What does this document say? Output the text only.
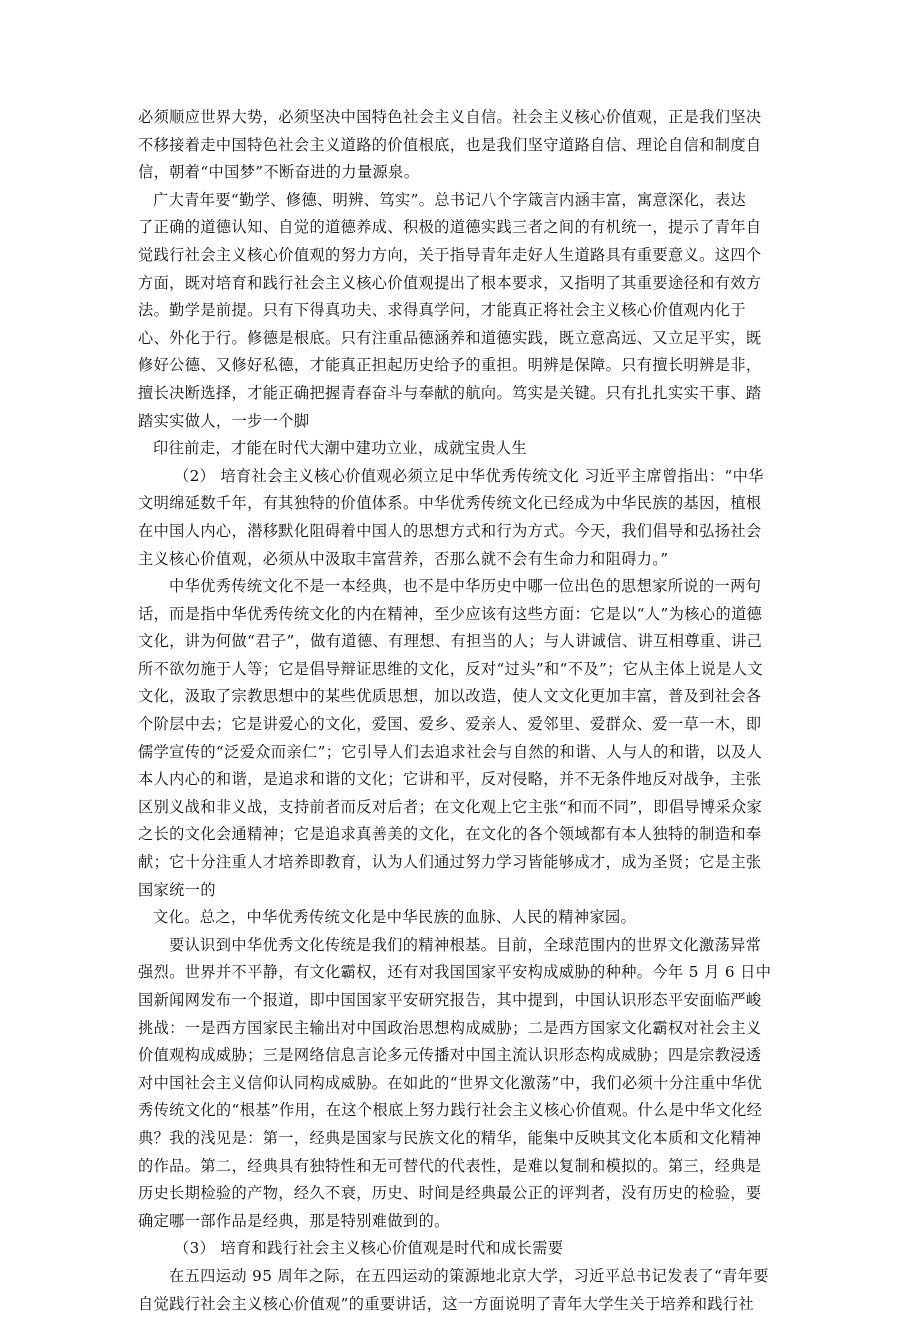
必须顺应世界大势，必须坚决中国特色社会主义自信。社会主义核心价值观，正是我们坚决
不移接着走中国特色社会主义道路的价值根底，也是我们坚守道路自信、理论自信和制度自
信，朝着“中国梦”不断奋进的力量源泉。
广大青年要“勤学、修德、明辨、笃实”。总书记八个字箴言内涵丰富，寓意深化，表达
了正确的道德认知、自觉的道德养成、积极的道德实践三者之间的有机统一，提示了青年自
觉践行社会主义核心价值观的努力方向，关于指导青年走好人生道路具有重要意义。这四个
方面，既对培育和践行社会主义核心价值观提出了根本要求，又指明了其重要途径和有效方
法。勤学是前提。只有下得真功夫、求得真学问，才能真正将社会主义核心价值观内化于
心、外化于行。修德是根底。只有注重品德涵养和道德实践，既立意高远、又立足平实，既
修好公德、又修好私德，才能真正担起历史给予的重担。明辨是保障。只有擅长明辨是非，
擅长决断选择，才能正确把握青春奋斗与奉献的航向。笃实是关键。只有扎扎实实干事、踏
踏实实做人，一步一个脚
印往前走，才能在时代大潮中建功立业，成就宝贵人生
（2） 培育社会主义核心价值观必须立足中华优秀传统文化 习近平主席曾指出：“中华
文明绵延数千年，有其独特的价值体系。中华优秀传统文化已经成为中华民族的基因，植根
在中国人内心，潜移默化阻碍着中国人的思想方式和行为方式。今天，我们倡导和弘扬社会
主义核心价值观，必须从中汲取丰富营养，否那么就不会有生命力和阻碍力。”
中华优秀传统文化不是一本经典，也不是中华历史中哪一位出色的思想家所说的一两句
话，而是指中华优秀传统文化的内在精神，至少应该有这些方面：它是以“人”为核心的道德
文化，讲为何做“君子”，做有道德、有理想、有担当的人；与人讲诚信、讲互相尊重、讲己
所不欲勿施于人等；它是倡导辩证思维的文化，反对“过头”和“不及”；它从主体上说是人文
文化，汲取了宗教思想中的某些优质思想，加以改造，使人文文化更加丰富，普及到社会各
个阶层中去；它是讲爱心的文化，爱国、爱乡、爱亲人、爱邻里、爱群众、爱一草一木，即
儒学宣传的“泛爱众而亲仁”；它引导人们去追求社会与自然的和谐、人与人的和谐，以及人
本人内心的和谐，是追求和谐的文化；它讲和平，反对侵略，并不无条件地反对战争，主张
区别义战和非义战，支持前者而反对后者；在文化观上它主张“和而不同”，即倡导博采众家
之长的文化会通精神；它是追求真善美的文化，在文化的各个领域都有本人独特的制造和奉
献；它十分注重人才培养即教育，认为人们通过努力学习皆能够成才，成为圣贤；它是主张
国家统一的
文化。总之，中华优秀传统文化是中华民族的血脉、人民的精神家园。
要认识到中华优秀文化传统是我们的精神根基。目前，全球范围内的世界文化激荡异常
强烈。世界并不平静，有文化霸权，还有对我国国家平安构成威胁的种种。今年 5 月 6 日中
国新闻网发布一个报道，即中国国家平安研究报告，其中提到，中国认识形态平安面临严峻
挑战：一是西方国家民主输出对中国政治思想构成威胁；二是西方国家文化霸权对社会主义
价值观构成威胁；三是网络信息言论多元传播对中国主流认识形态构成威胁；四是宗教浸透
对中国社会主义信仰认同构成威胁。在如此的“世界文化激荡”中，我们必须十分注重中华优
秀传统文化的“根基”作用，在这个根底上努力践行社会主义核心价值观。什么是中华文化经
典？我的浅见是：第一，经典是国家与民族文化的精华，能集中反映其文化本质和文化精神
的作品。第二，经典具有独特性和无可替代的代表性，是难以复制和模拟的。第三，经典是
历史长期检验的产物，经久不衰，历史、时间是经典最公正的评判者，没有历史的检验，要
确定哪一部作品是经典，那是特别难做到的。
（3） 培育和践行社会主义核心价值观是时代和成长需要
在五四运动 95 周年之际，在五四运动的策源地北京大学，习近平总书记发表了“青年要
自觉践行社会主义核心价值观”的重要讲话，这一方面说明了青年大学生关于培养和践行社
